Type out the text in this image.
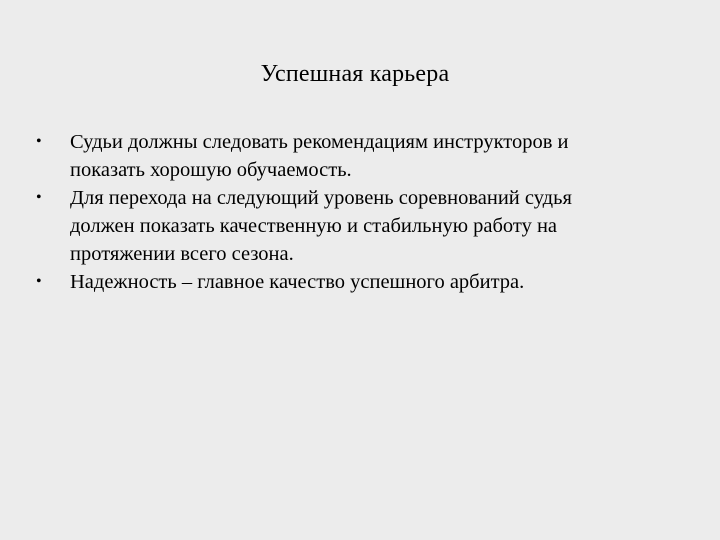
Успешная карьера
•	Судьи должны следовать рекомендациям инструкторов и
показать хорошую обучаемость.
•	Для перехода на следующий уровень соревнований судья
должен показать качественную и стабильную работу на
протяжении всего сезона.
•	Надежность – главное качество успешного арбитра.
